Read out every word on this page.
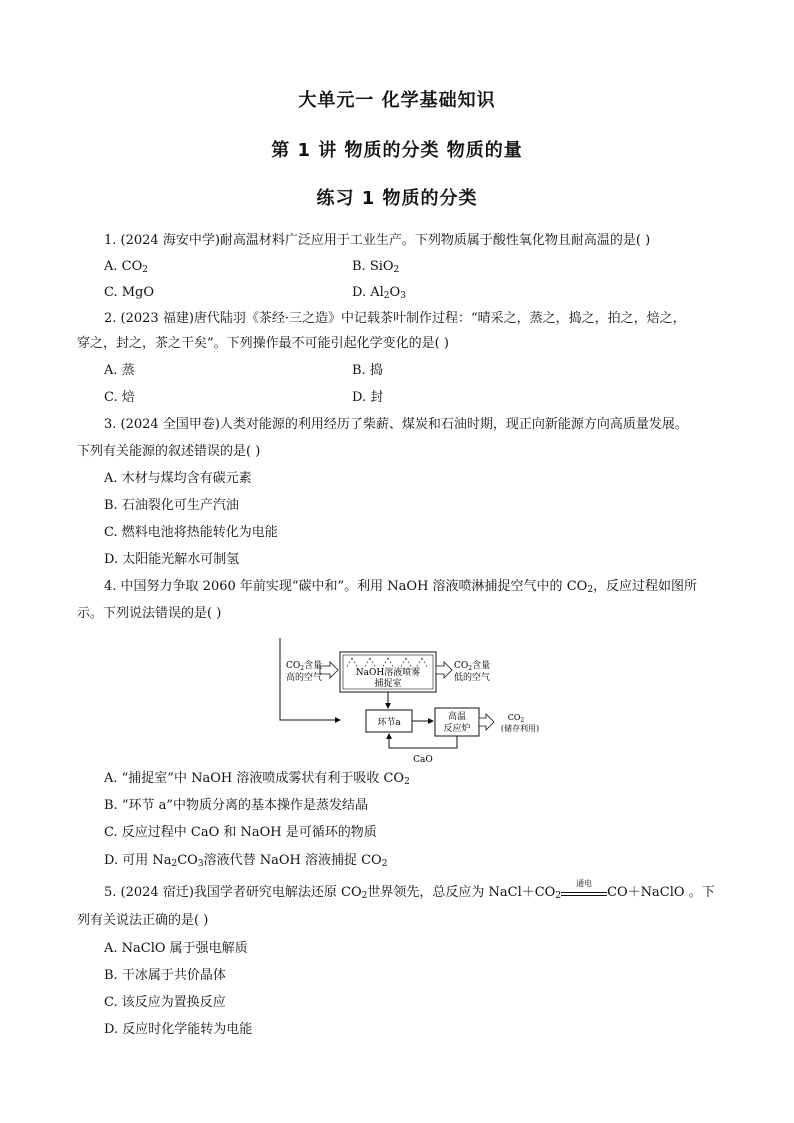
大单元一 化学基础知识
第 1 讲 物质的分类 物质的量
练习 1 物质的分类
1. (2024 海安中学)耐高温材料广泛应用于工业生产。下列物质属于酸性氧化物且耐高温的是( )
A. $CO_2$	B. SiO$_2$
C. MgO	D. $Al_2O_3$
2. (2023 福建)唐代陆羽《茶经·三之造》中记载茶叶制作过程：“晴采之，蒸之，捣之，拍之，焙之，
穿之，封之，茶之干矣”。下列操作最不可能引起化学变化的是( )
A. 蒸	B. 捣
C. 焙	D. 封
3. (2024 全国甲卷)人类对能源的利用经历了柴薪、煤炭和石油时期，现正向新能源方向高质量发展。
下列有关能源的叙述错误的是( )
A. 木材与煤均含有碳元素
B. 石油裂化可生产汽油
C. 燃料电池将热能转化为电能
D. 太阳能光解水可制氢
4. 中国努力争取 2060 年前实现“碳中和”。利用 NaOH 溶液喷淋捕捉空气中的 $CO_2$，反应过程如图所
示。下列说法错误的是( )
$CO_2$含量
高的空气	NaOH溶液喷雾
捕捉室
$CO_2$含量
低的空气
环节a
高温
反应炉
$CO_2$
(储存利用)
CaO
A. “捕捉室”中 NaOH 溶液喷成雾状有利于吸收 $CO_2$
B. “环节 a”中物质分离的基本操作是蒸发结晶
C. 反应过程中 CaO 和 NaOH 是可循环的物质
D. 可用 $Na_2CO_3$溶液代替 NaOH 溶液捕捉 $CO_2$
5. (2024 宿迁)我国学者研究电解法还原 $CO_2$世界领先，总反应为 $NaCl+CO_2$
通电
CO＋NaClO 。下
列有关说法正确的是( )
A. NaClO 属于强电解质
B. 干冰属于共价晶体
C. 该反应为置换反应
D. 反应时化学能转为电能
